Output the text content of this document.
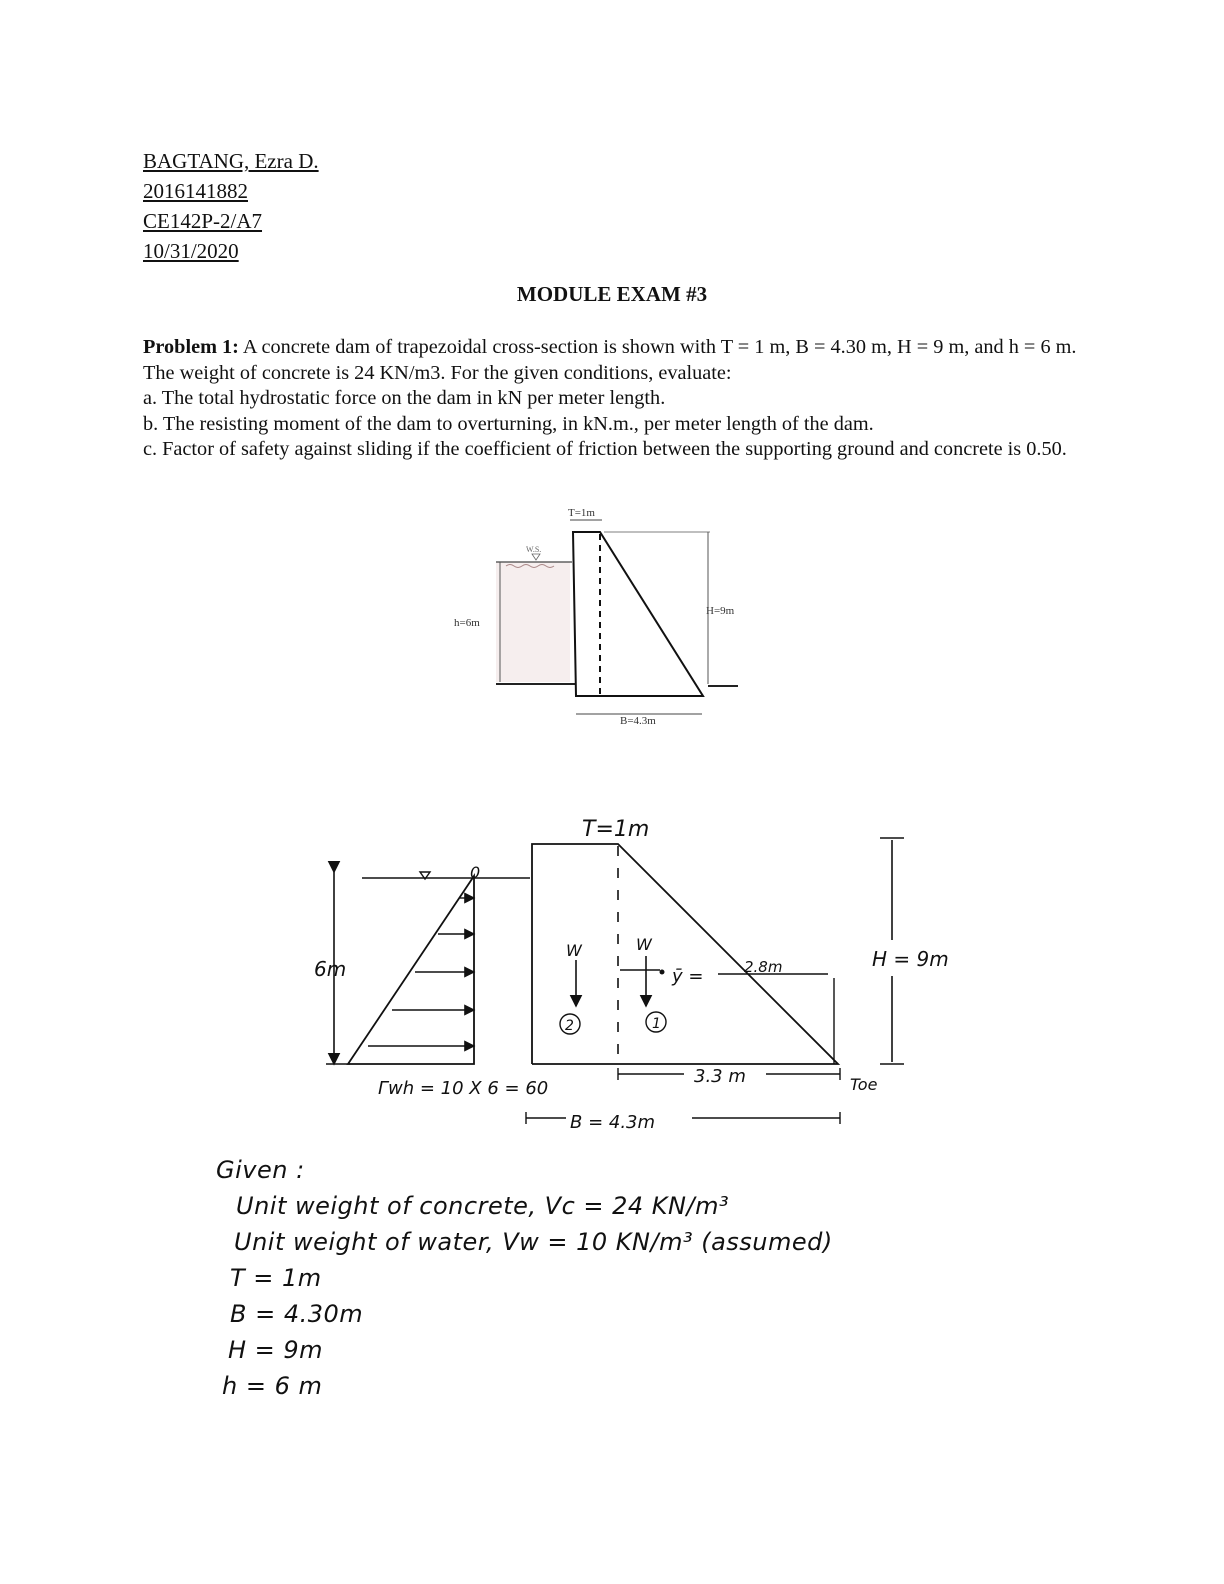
BAGTANG, Ezra D.
2016141882
CE142P-2/A7
10/31/2020
MODULE EXAM #3

Problem 1: A concrete dam of trapezoidal cross-section is shown with T = 1 m, B = 4.30 m, H = 9 m, and h = 6 m. The weight of concrete is 24 KN/m3. For the given conditions, evaluate:

a. The total hydrostatic force on the dam in kN per meter length.

b. The resisting moment of the dam to overturning, in kN.m., per meter length of the dam.

c. Factor of safety against sliding if the coefficient of friction between the supporting ground and concrete is 0.50.

W.S.
h=6m
T=1m
H=9m
B=4.3m
T=1m
0
6m
Γwh = 10 X 6 = 60
W	W
ȳ =	2.8m
2	1
3.3 m	Toe
H = 9m
B = 4.3m
Given :
Unit weight of concrete, Vc = 24 KN/m³
Unit weight of water, Vw = 10 KN/m³ (assumed)
T = 1m
B = 4.30m
H = 9m
h = 6 m
